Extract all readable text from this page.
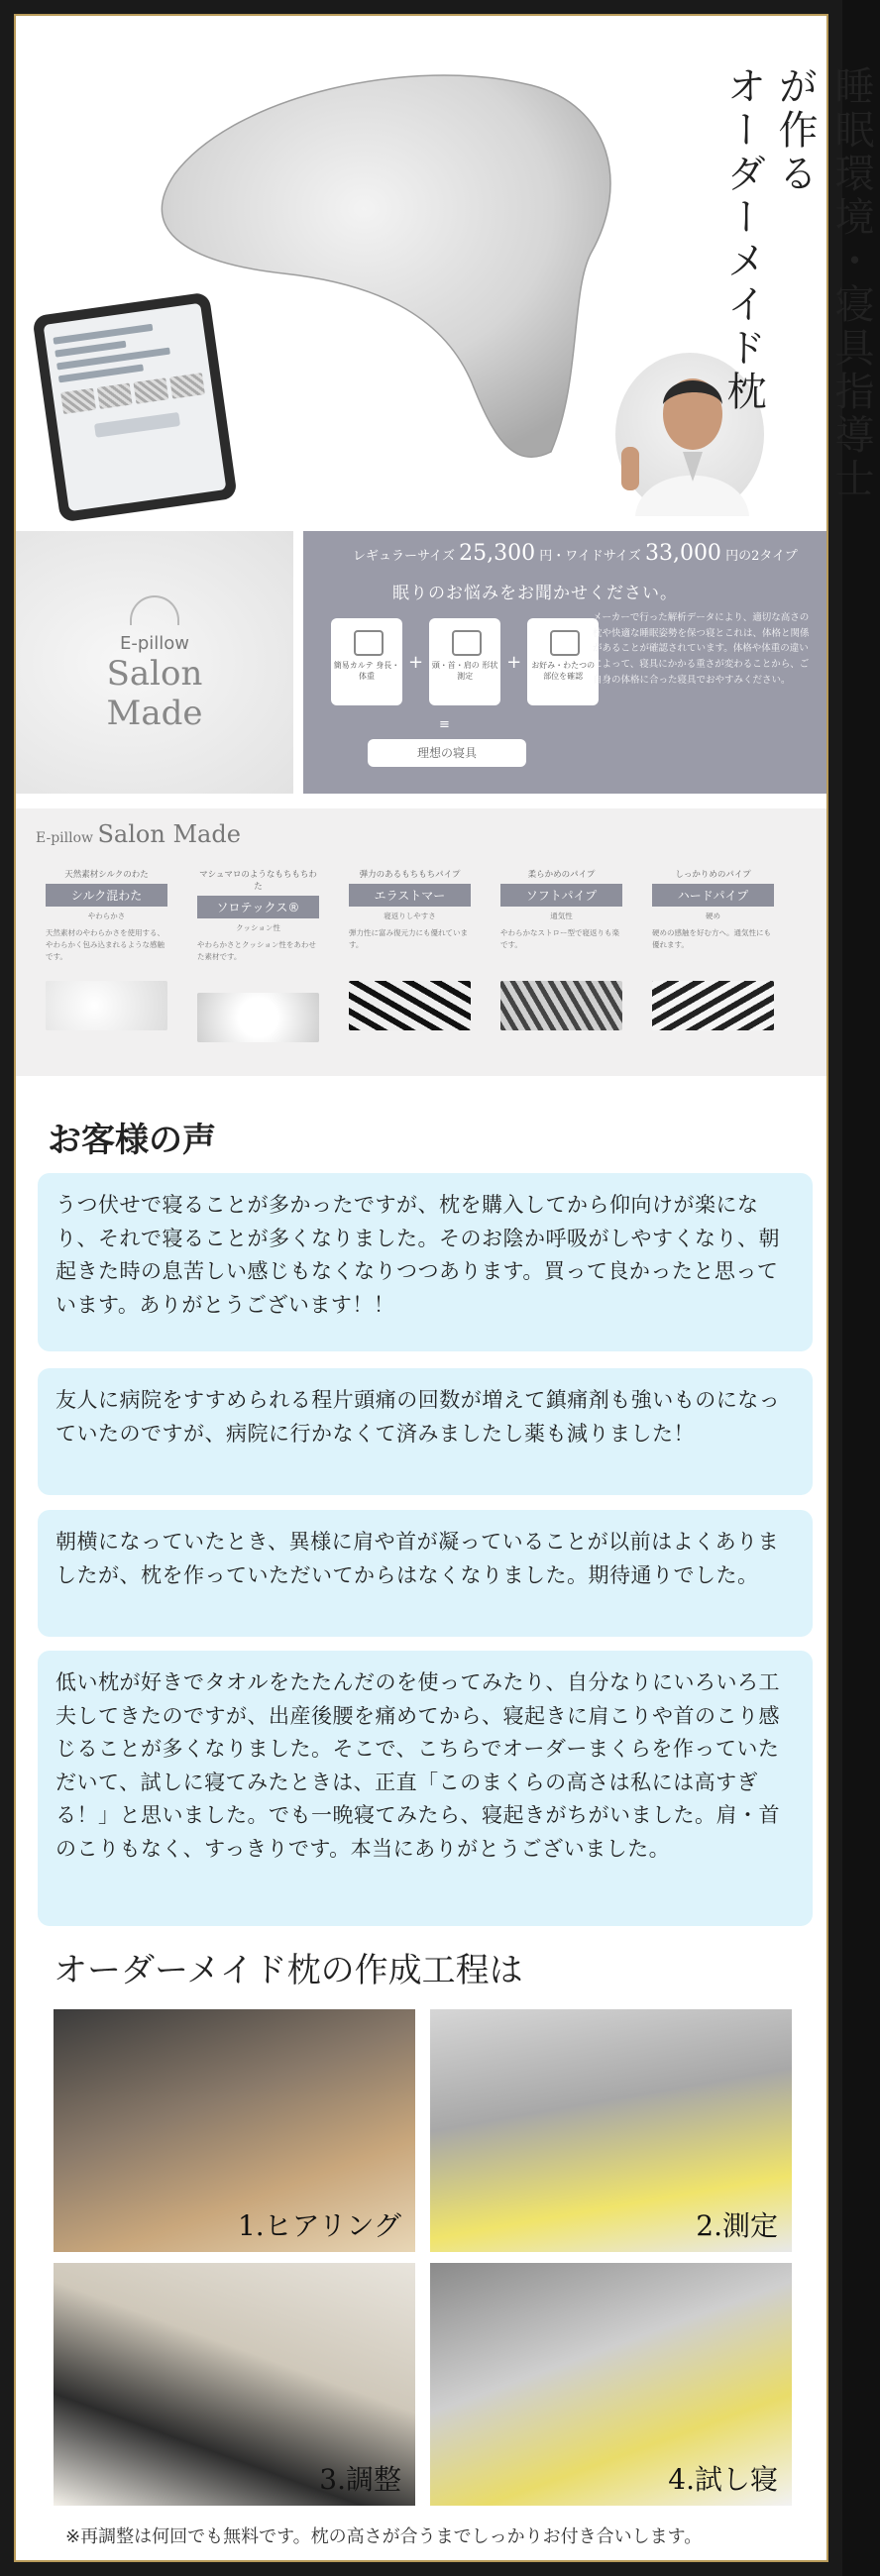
睡眠環境・寝具指導士が作る
オーダーメイド枕
E-pillow
Salon Made
レギュラーサイズ 25,300 円・ワイドサイズ 33,000 円の2タイプ
眠りのお悩みをお聞かせください。
簡易カルテ 身長・体重
+	頭・首・肩の 形状測定
+	お好み・わたつの 部位を確認
メーカーで行った解析データにより、適切な高さの枕や快適な睡眠姿勢を保つ寝とこれは、体格と関係があることが確認されています。体格や体重の違いによって、寝具にかかる重さが変わることから、ご自身の体格に合った寝具でおやすみください。
≡
理想の寝具
E-pillow Salon Made
天然素材シルクのわた
シルク混わた
やわらかさ
天然素材のやわらかさを使用する、やわらかく包み込まれるような感触です。
マシュマロのようなもちもちわた
ソロテックス®
クッション性
やわらかさとクッション性をあわせた素材です。
弾力のあるもちもちパイプ
エラストマー
寝返りしやすさ
弾力性に富み復元力にも優れています。
柔らかめのパイプ
ソフトパイプ
通気性
やわらかなストロー型で寝返りも楽です。
しっかりめのパイプ
ハードパイプ
硬め
硬めの感触を好む方へ。通気性にも優れます。
お客様の声
うつ伏せで寝ることが多かったですが、枕を購入してから仰向けが楽になり、それで寝ることが多くなりました。そのお陰か呼吸がしやすくなり、朝起きた時の息苦しい感じもなくなりつつあります。買って良かったと思っています。ありがとうございます！！
友人に病院をすすめられる程片頭痛の回数が増えて鎮痛剤も強いものになっていたのですが、病院に行かなくて済みましたし薬も減りました！
朝横になっていたとき、異様に肩や首が凝っていることが以前はよくありましたが、枕を作っていただいてからはなくなりました。期待通りでした。
低い枕が好きでタオルをたたんだのを使ってみたり、自分なりにいろいろ工夫してきたのですが、出産後腰を痛めてから、寝起きに肩こりや首のこり感じることが多くなりました。そこで、こちらでオーダーまくらを作っていただいて、試しに寝てみたときは、正直「このまくらの高さは私には高すぎる！」と思いました。でも一晩寝てみたら、寝起きがちがいました。肩・首のこりもなく、すっきりです。本当にありがとうございました。
オーダーメイド枕の作成工程は
1.ヒアリング	2.測定
3.調整	4.試し寝
※再調整は何回でも無料です。枕の高さが合うまでしっかりお付き合いします。
